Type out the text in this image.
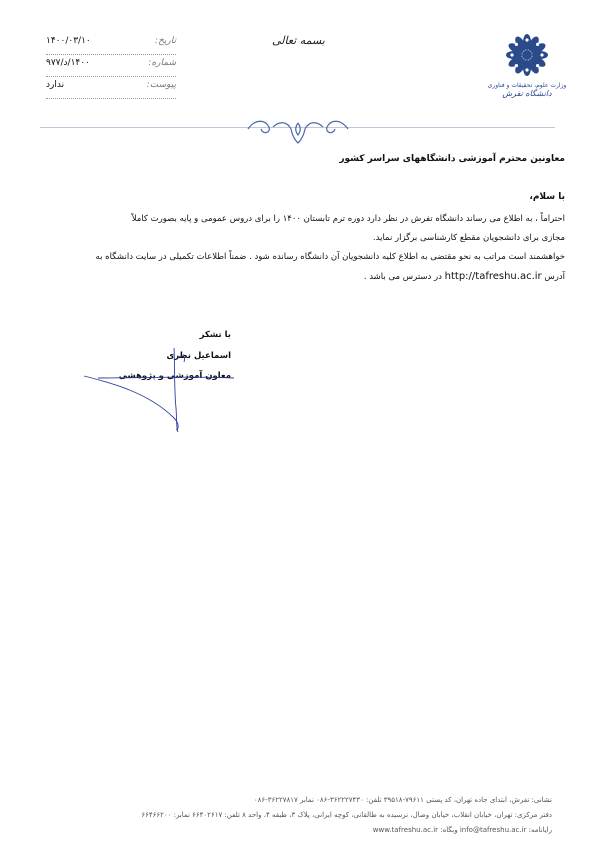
تاریخ:
۱۴۰۰/۰۳/۱۰
شماره:
۱۴۰۰/د/۹۷۷
پیوست:
ندارد
بسمه تعالی
وزارت علوم، تحقیقات و فناوری
دانشگاه تفرش
معاونین محترم آموزشی دانشگاههای سراسر کشور
با سلام،

احتراماً ، به اطلاع می رساند دانشگاه تفرش در نظر دارد دوره ترم تابستان ۱۴۰۰ را برای دروس عمومی و پایه بصورت کاملاً

مجازی برای دانشجویان مقطع کارشناسی برگزار نماید.

خواهشمند است مراتب به نحو مقتضی به اطلاع کلیه دانشجویان آن دانشگاه رسانده شود . ضمناً اطلاعات تکمیلی در سایت دانشگاه به

آدرس http://tafreshu.ac.ir در دسترس می باشد .

با تشکر
اسماعیل نظری
معاون آموزشی و پژوهشی
نشانی: تفرش، ابتدای جاده تهران، کد پستی ۷۹۶۱۱-۳۹۵۱۸ تلفن: ۳۶۲۲۲۷۴۳۰-۰۸۶ نمابر ۳۶۲۲۷۸۱۷-۰۸۶
دفتر مرکزی: تهران، خیابان انقلاب، خیابان وصال، نرسیده به طالقانی، کوچه ایرانی، پلاک ۳، طبقه ۴، واحد ۸ تلفن: ۶۶۴۰۲۶۱۷ نمابر: ۶۶۴۶۶۲۰۰
رایانامه: info@tafreshu.ac.ir وبگاه: www.tafreshu.ac.ir
